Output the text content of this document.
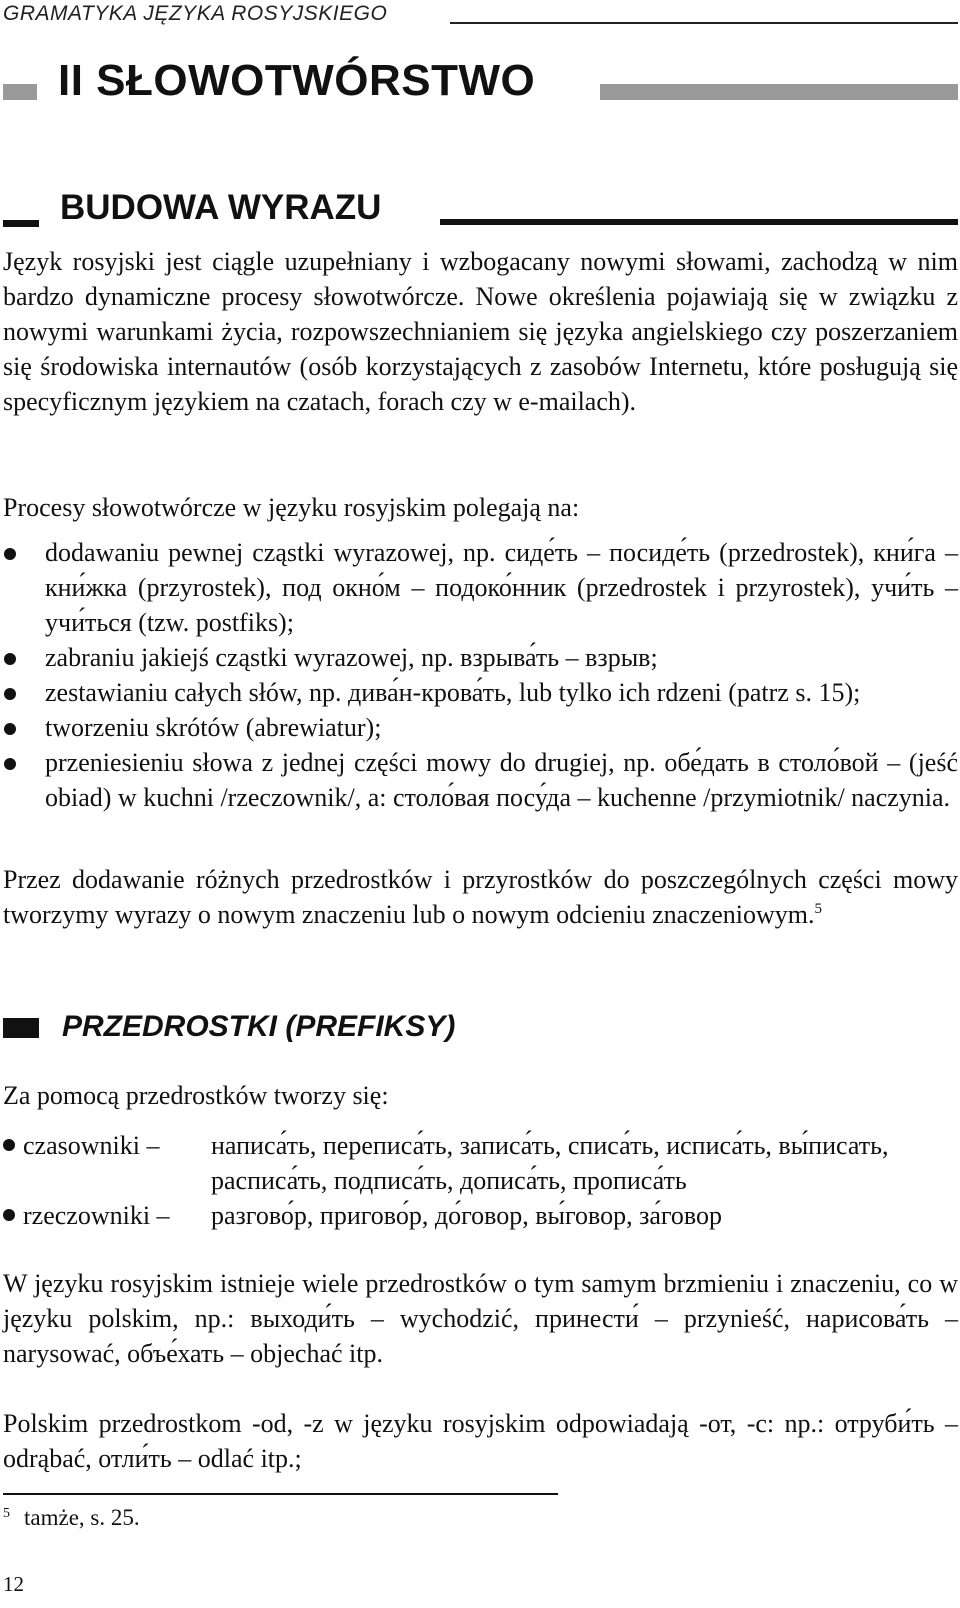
GRAMATYKA JĘZYKA ROSYJSKIEGO
II SŁOWOTWÓRSTWO
BUDOWA WYRAZU

Język rosyjski jest ciągle uzupełniany i wzbogacany nowymi słowami, zachodzą w nim bardzo dynamiczne procesy słowotwórcze. Nowe określenia pojawiają się w związku z nowymi warunkami życia, rozpowszechnianiem się języka angielskiego czy poszerzaniem się środowiska internautów (osób korzystających z zasobów Internetu, które posługują się specyficznym językiem na czatach, forach czy w e-mailach).

Procesy słowotwórcze w języku rosyjskim polegają na:

dodawaniu pewnej cząstki wyrazowej, np. сиде́ть – посиде́ть (przedrostek), кни́га – кни́жка (przyrostek), под окно́м – подоко́нник (przedrostek i przyrostek), учи́ть – учи́ться (tzw. postfiks);
zabraniu jakiejś cząstki wyrazowej, np. взрыва́ть – взрыв;
zestawianiu całych słów, np. дива́н-крова́ть, lub tylko ich rdzeni (patrz s. 15);
tworzeniu skrótów (abrewiatur);
przeniesieniu słowa z jednej części mowy do drugiej, np. обе́дать в столо́вой – (jeść obiad) w kuchni /rzeczownik/, a: столо́вая посу́да – kuchenne /przymiotnik/ naczynia.

Przez dodawanie różnych przedrostków i przyrostków do poszczególnych części mowy tworzymy wyrazy o nowym znaczeniu lub o nowym odcieniu znaczeniowym.$^5$

PRZEDROSTKI (PREFIKSY)
Za pomocą przedrostków tworzy się:
czasowniki – написа́ть, переписа́ть, записа́ть, списа́ть, исписа́ть, вы́писать, расписа́ть, подписа́ть, дописа́ть, прописа́ть
rzeczowniki – разгово́р, пригово́р, до́говор, вы́говор, за́говор

W języku rosyjskim istnieje wiele przedrostków o tym samym brzmieniu i znaczeniu, co w języku polskim, np.: выходи́ть – wychodzić, принести́ – przynieść, нарисова́ть – narysować, объе́хать – objechać itp.

Polskim przedrostkom -od, -z w języku rosyjskim odpowiadają -от, -с: np.: отруби́ть – odrąbać, отли́ть – odlać itp.;

$^5$ tamże, s. 25.
12
